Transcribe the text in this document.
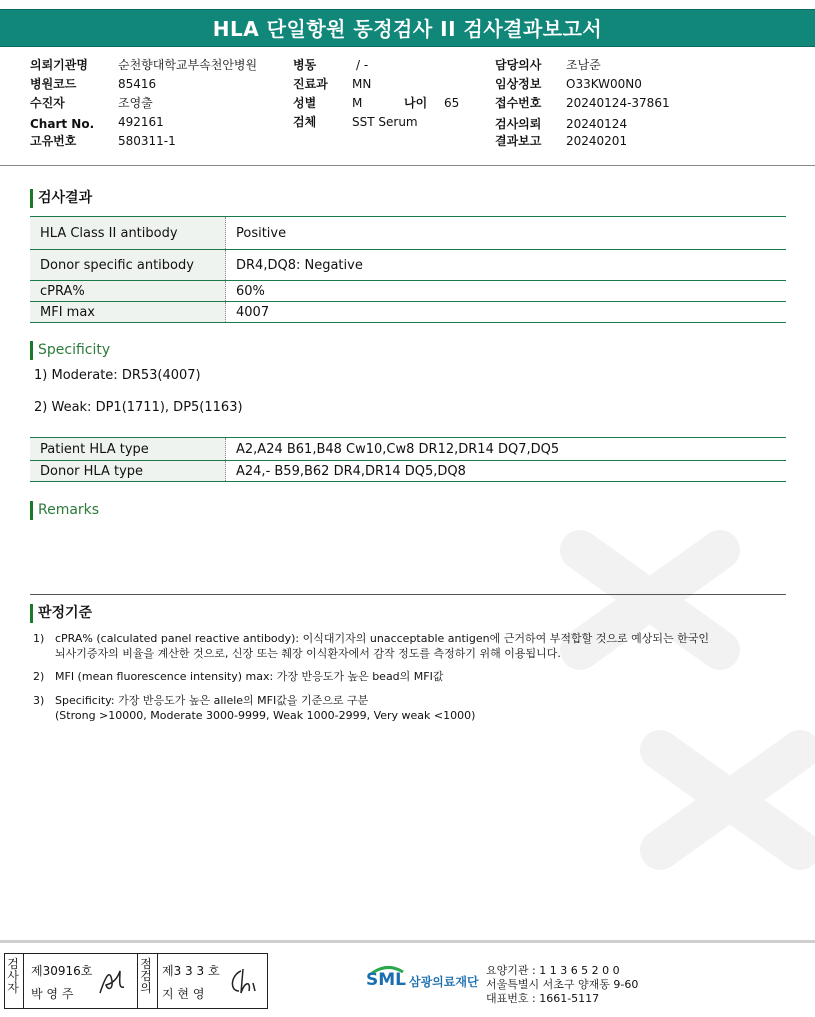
HLA 단일항원 동정검사 II 검사결과보고서
의뢰기관명	순천향대학교부속천안병원
병원코드	85416
수진자	조영출
Chart No. 492161
고유번호	580311-1
병동	/ -
진료과 MN
성별	M	나이 65
검체	SST Serum
담당의사 조남준
임상정보 O33KW00N0
접수번호 20240124-37861
검사의뢰 20240124
결과보고 20240201
검사결과
HLA Class II antibody	Positive
Donor specific antibody	DR4,DQ8: Negative
cPRA%	60%
MFI max	4007
Specificity
1) Moderate: DR53(4007)
2) Weak: DP1(1711), DP5(1163)
Patient HLA type	A2,A24 B61,B48 Cw10,Cw8 DR12,DR14 DQ7,DQ5
Donor HLA type	A24,- B59,B62 DR4,DR14 DQ5,DQ8
Remarks
판정기준
1) cPRA% (calculated panel reactive antibody): 이식대기자의 unacceptable antigen에 근거하여 부적합할 것으로 예상되는 한국인
뇌사기증자의 비율을 계산한 것으로, 신장 또는 췌장 이식환자에서 감작 정도를 측정하기 위해 이용됩니다.
2) MFI (mean fluorescence intensity) max: 가장 반응도가 높은 bead의 MFI값
3) Specificity: 가장 반응도가 높은 allele의 MFI값을 기준으로 구분
(Strong >10000, Moderate 3000-9999, Weak 1000-2999, Very weak <1000)
검사자
제30916호
박 영 주
점검의
제3 3 3 호
지 현 영
SML 삼광의료재단
요양기관 : 1 1 3 6 5 2 0 0
서울특별시 서초구 양재동 9-60
대표번호 : 1661-5117
